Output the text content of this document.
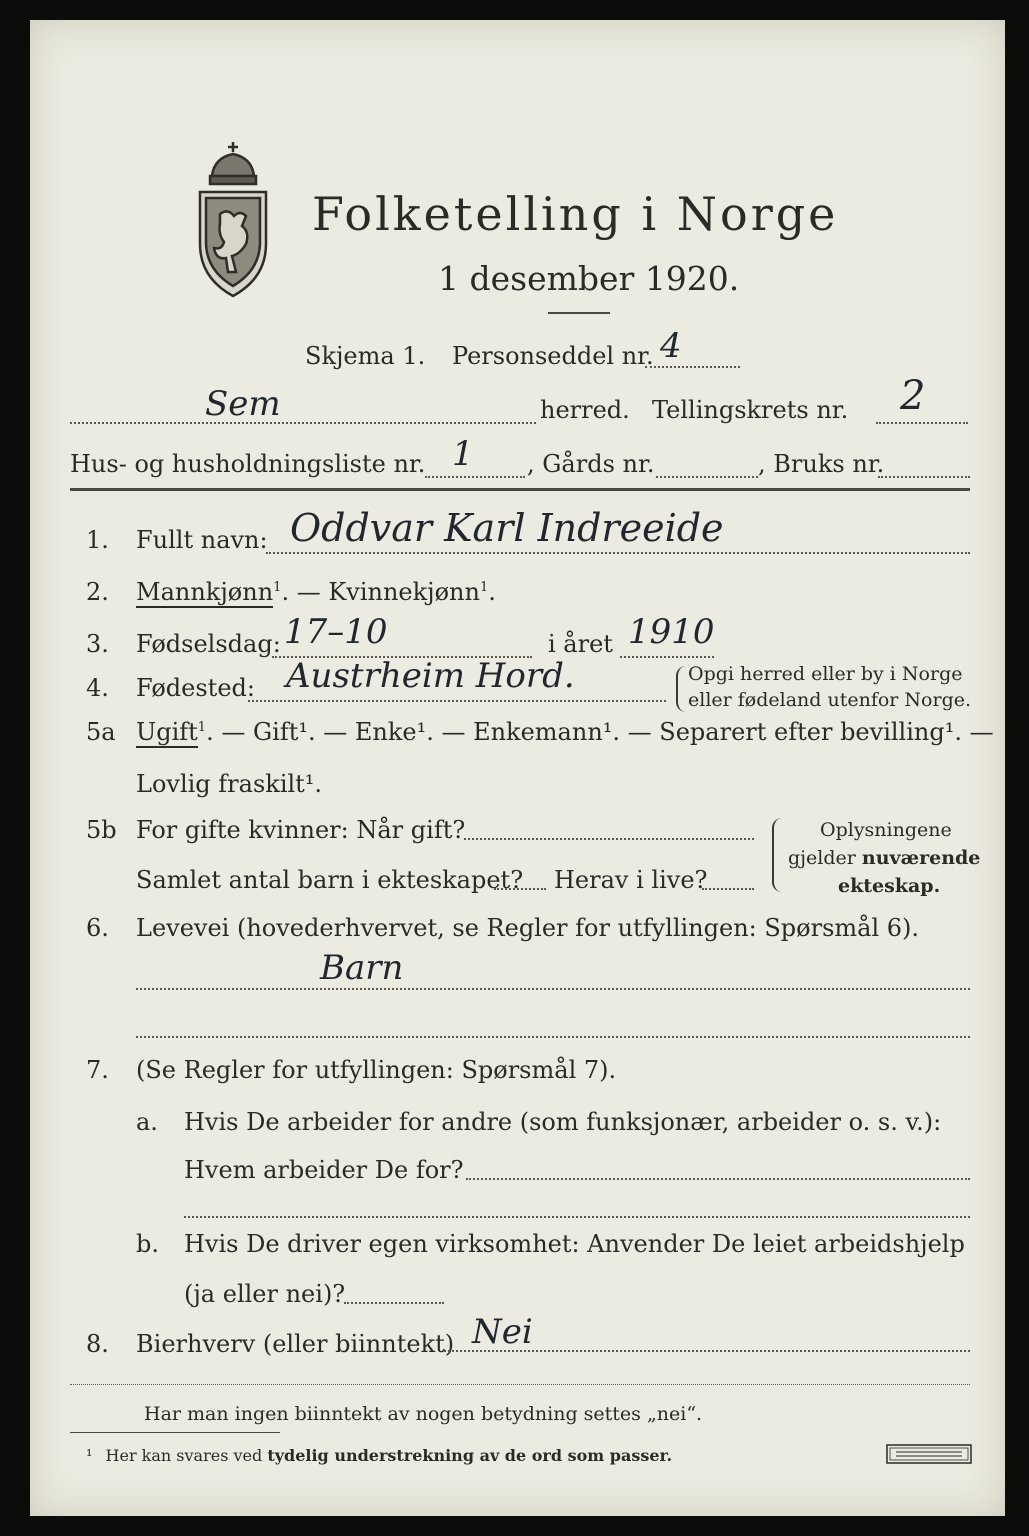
Folketelling i Norge
1 desember 1920.
Skjema 1. Personseddel nr. 4
Sem	herred. Tellingskrets nr. 2
Hus- og husholdningsliste nr. 1 , Gårds nr.	, Bruks nr.
1. Fullt navn: Oddvar Karl Indreeide
2. Mannkjønn$^1$. — Kvinnekjønn$^1$.
3. Fødselsdag: 17–10	i året 1910
4. Fødested: Austrheim Hord.	Opgi herred eller by i Norge
eller fødeland utenfor Norge.
5a Ugift$^1$. — Gift¹. — Enke¹. — Enkemann¹. — Separert efter bevilling¹. —
Lovlig fraskilt¹.
5b For gifte kvinner: Når gift?
Samlet antal barn i ekteskapet? Herav i live?
Oplysningene
gjelder nuværende
ekteskap.
6. Levevei (hovederhvervet, se Regler for utfyllingen: Spørsmål 6).
Barn
7. (Se Regler for utfyllingen: Spørsmål 7).
a. Hvis De arbeider for andre (som funksjonær, arbeider o. s. v.):
Hvem arbeider De for?
b. Hvis De driver egen virksomhet: Anvender De leiet arbeidshjelp
(ja eller nei)?
8. Bierhverv (eller biinntekt) Nei
Har man ingen biinntekt av nogen betydning settes „nei“.
¹ Her kan svares ved tydelig understrekning av de ord som passer.
